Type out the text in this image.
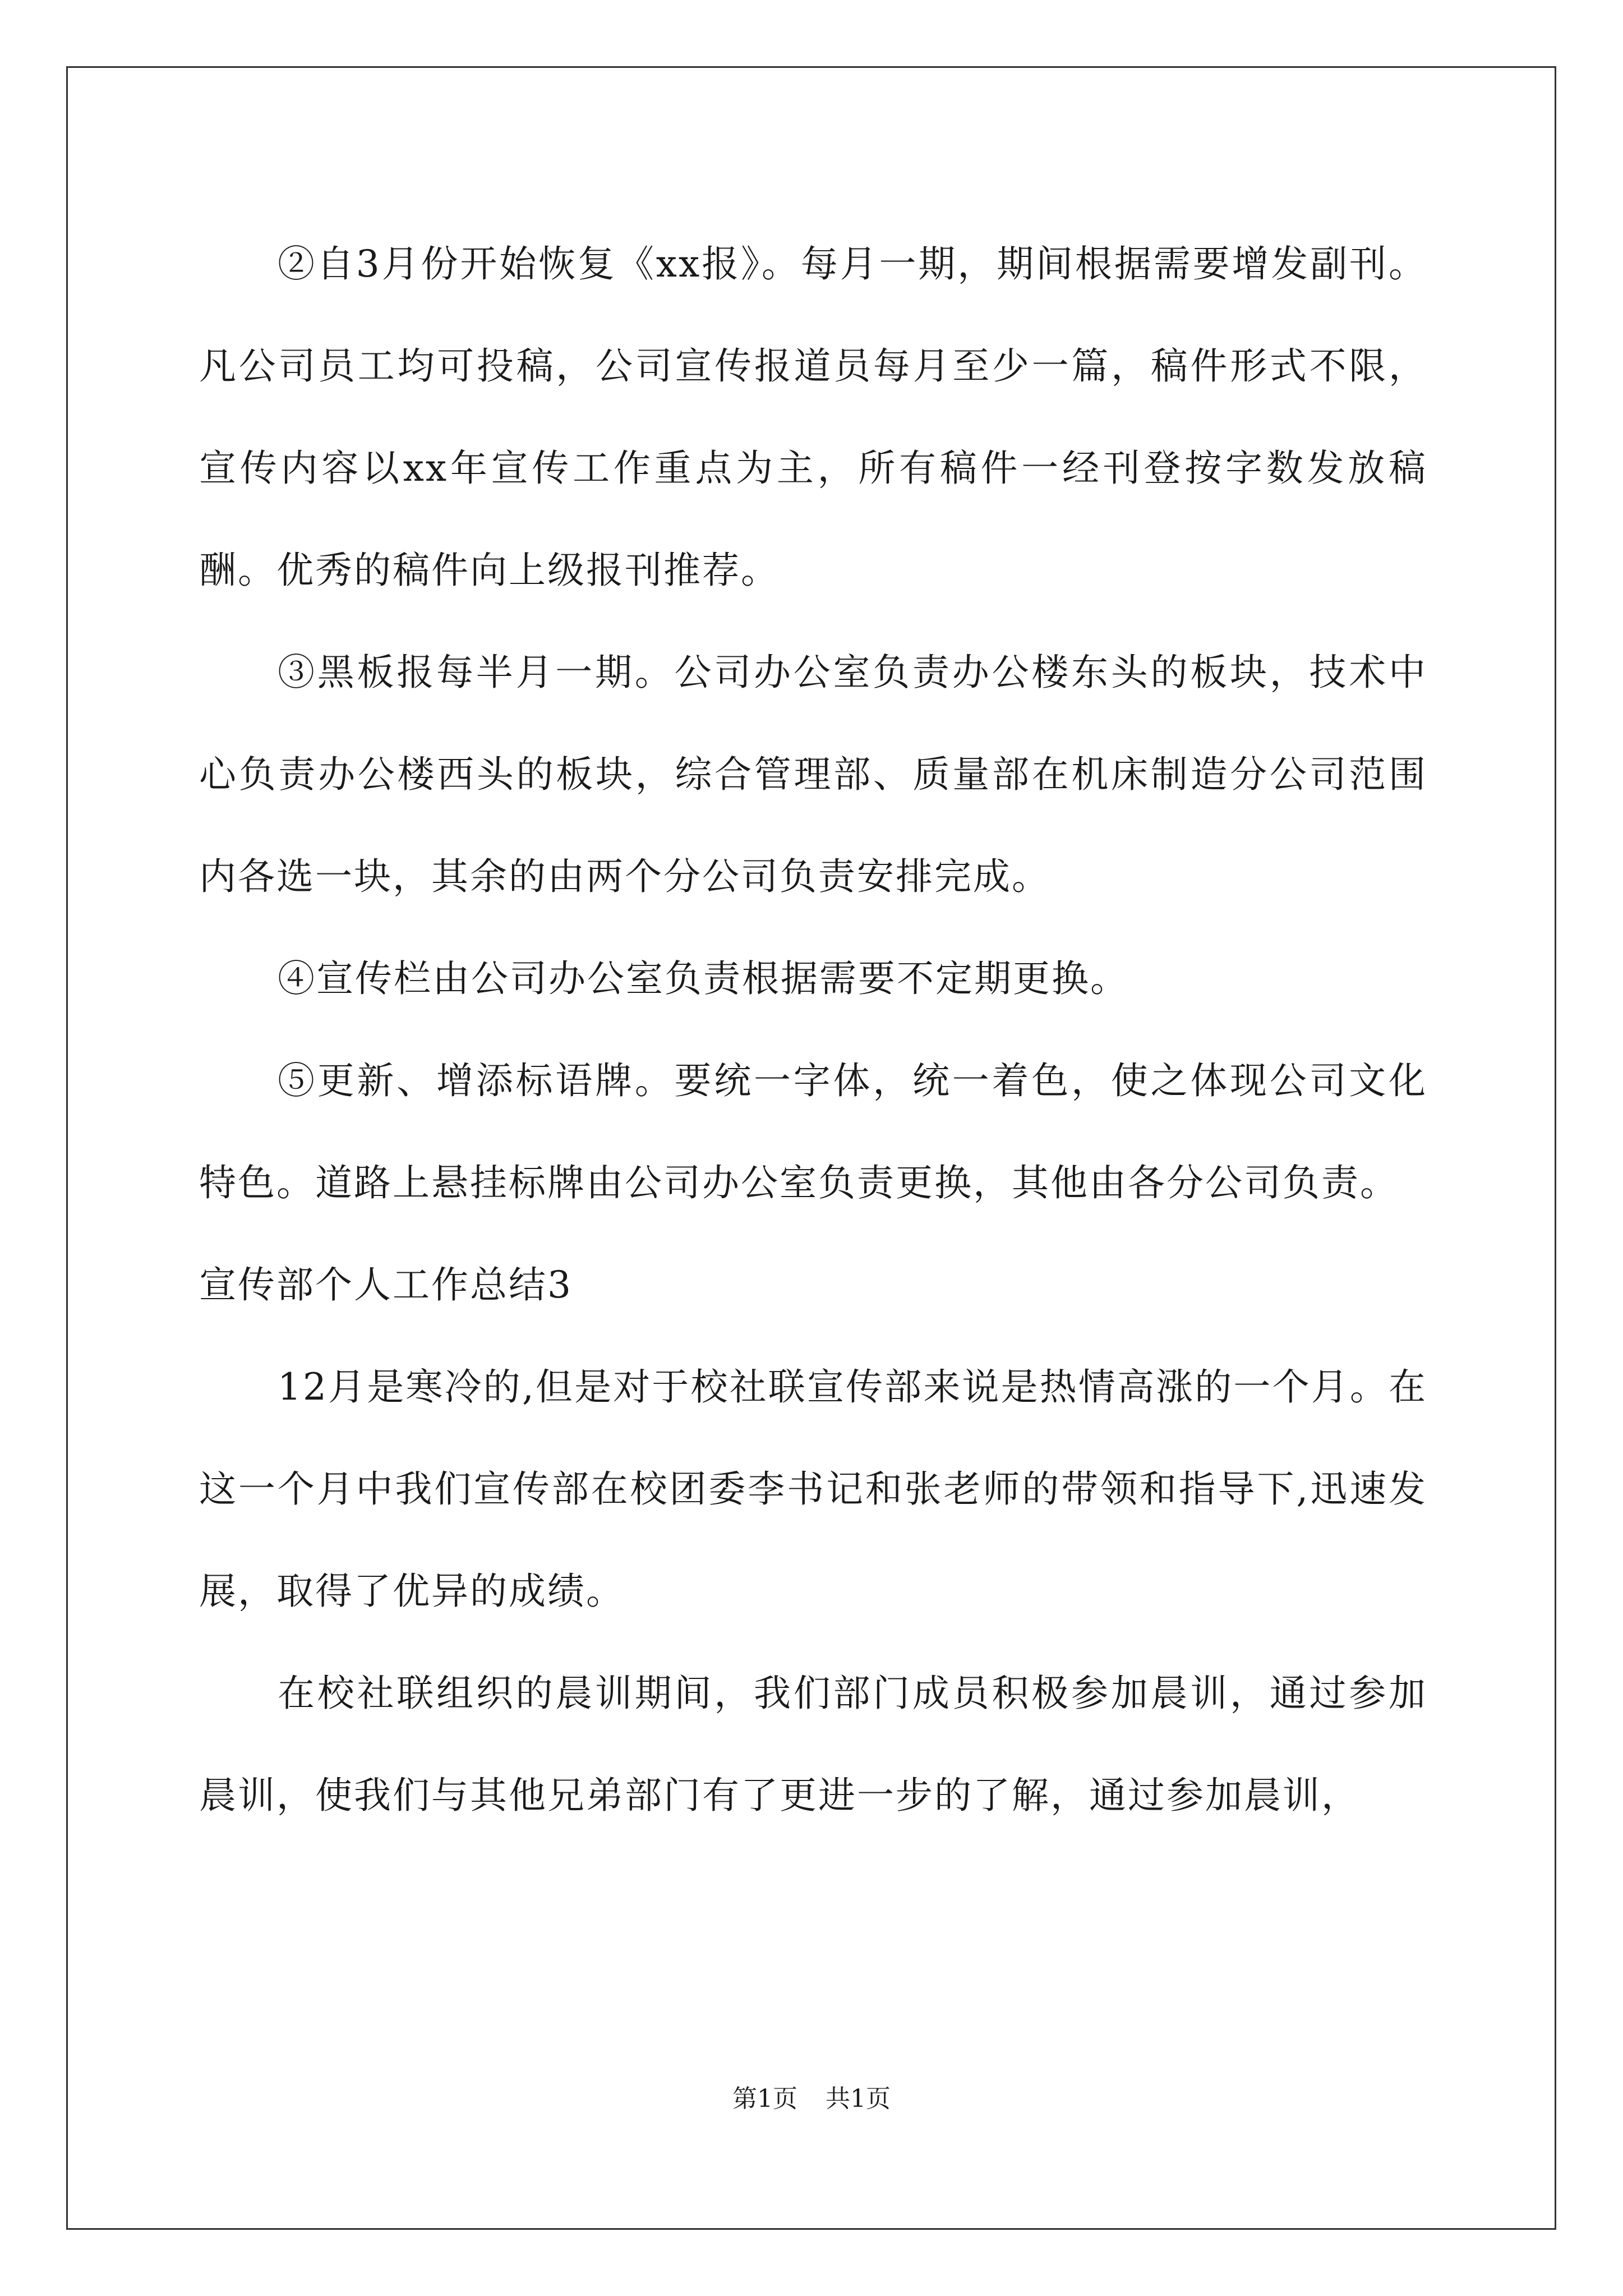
②自3月份开始恢复《xx报》。每月一期，期间根据需要增发副刊。凡公司员工均可投稿，公司宣传报道员每月至少一篇，稿件形式不限，宣传内容以xx年宣传工作重点为主，所有稿件一经刊登按字数发放稿酬。优秀的稿件向上级报刊推荐。

③黑板报每半月一期。公司办公室负责办公楼东头的板块，技术中心负责办公楼西头的板块，综合管理部、质量部在机床制造分公司范围内各选一块，其余的由两个分公司负责安排完成。

④宣传栏由公司办公室负责根据需要不定期更换。

⑤更新、增添标语牌。要统一字体，统一着色，使之体现公司文化特色。道路上悬挂标牌由公司办公室负责更换，其他由各分公司负责。

宣传部个人工作总结3

12月是寒冷的,但是对于校社联宣传部来说是热情高涨的一个月。在这一个月中我们宣传部在校团委李书记和张老师的带领和指导下,迅速发展，取得了优异的成绩。

在校社联组织的晨训期间，我们部门成员积极参加晨训，通过参加晨训，使我们与其他兄弟部门有了更进一步的了解，通过参加晨训，

第1页 共1页
